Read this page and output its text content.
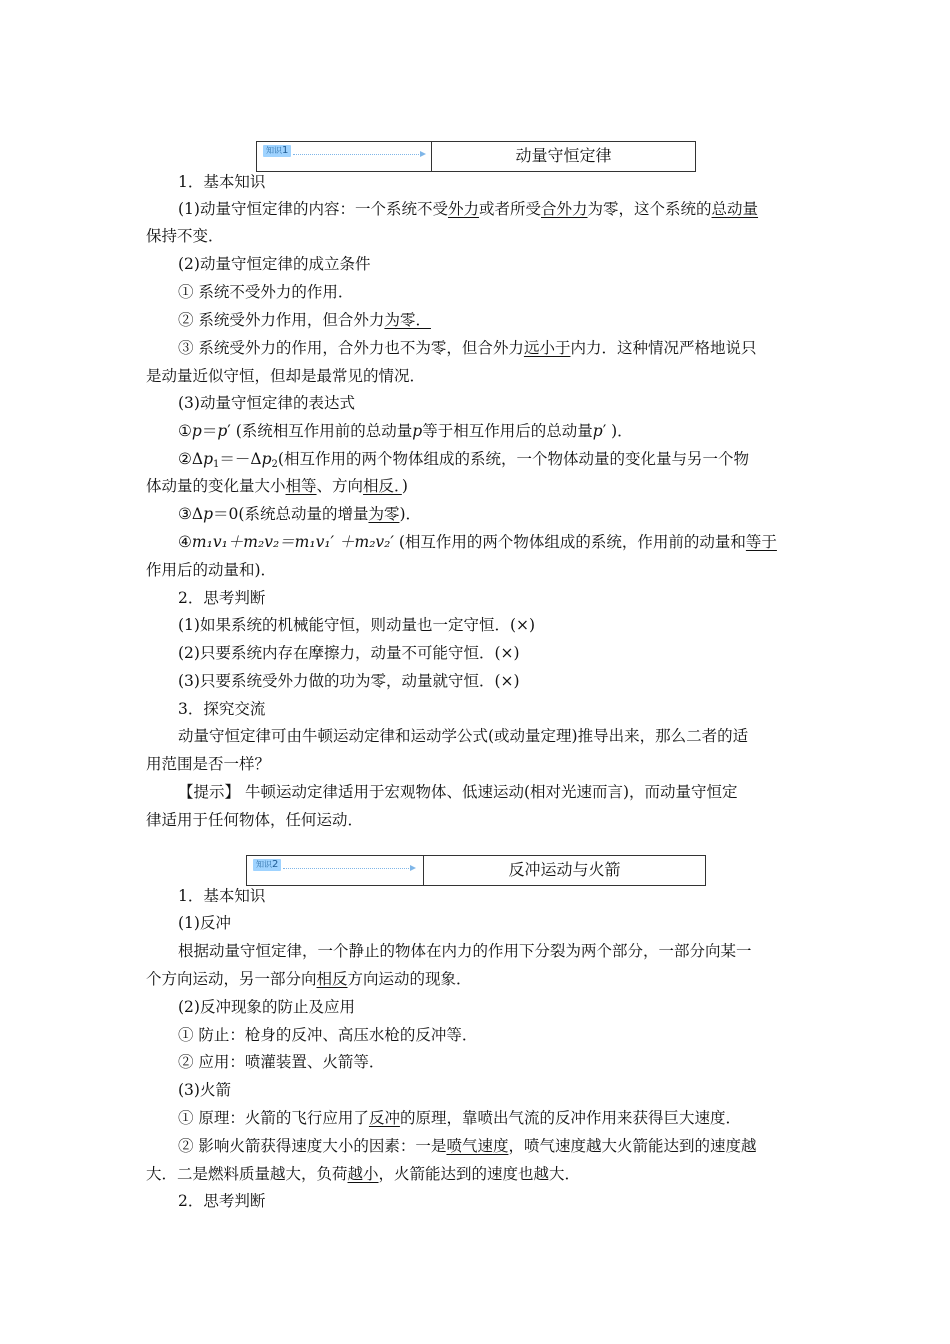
知识1	动量守恒定律
1．基本知识
(1)动量守恒定律的内容：一个系统不受外力或者所受合外力为零，这个系统的总动量
保持不变．
(2)动量守恒定律的成立条件
① 系统不受外力的作用．
② 系统受外力作用，但合外力为零．
③ 系统受外力的作用，合外力也不为零，但合外力远小于内力．这种情况严格地说只
是动量近似守恒，但却是最常见的情况．
(3)动量守恒定律的表达式
①p＝p′ (系统相互作用前的总动量p等于相互作用后的总动量p′ )．
$②\Delta p_1=-\Delta p_2$(相互作用的两个物体组成的系统，一个物体动量的变化量与另一个物
体动量的变化量大小相等、方向相反．)
③Δp＝0(系统总动量的增量为零)．
④m₁v₁＋m₂v₂＝m₁v₁′ ＋m₂v₂′ (相互作用的两个物体组成的系统，作用前的动量和等于
作用后的动量和)．
2．思考判断
(1)如果系统的机械能守恒，则动量也一定守恒．(×)
(2)只要系统内存在摩擦力，动量不可能守恒．(×)
(3)只要系统受外力做的功为零，动量就守恒．(×)
3．探究交流
动量守恒定律可由牛顿运动定律和运动学公式(或动量定理)推导出来，那么二者的适
用范围是否一样？
【提示】 牛顿运动定律适用于宏观物体、低速运动(相对光速而言)，而动量守恒定
律适用于任何物体，任何运动．
知识2	反冲运动与火箭
1．基本知识
(1)反冲
根据动量守恒定律，一个静止的物体在内力的作用下分裂为两个部分，一部分向某一
个方向运动，另一部分向相反方向运动的现象．
(2)反冲现象的防止及应用
① 防止：枪身的反冲、高压水枪的反冲等．
② 应用：喷灌装置、火箭等．
(3)火箭
① 原理：火箭的飞行应用了反冲的原理，靠喷出气流的反冲作用来获得巨大速度．
② 影响火箭获得速度大小的因素：一是喷气速度，喷气速度越大火箭能达到的速度越
大．二是燃料质量越大，负荷越小，火箭能达到的速度也越大．
2．思考判断
